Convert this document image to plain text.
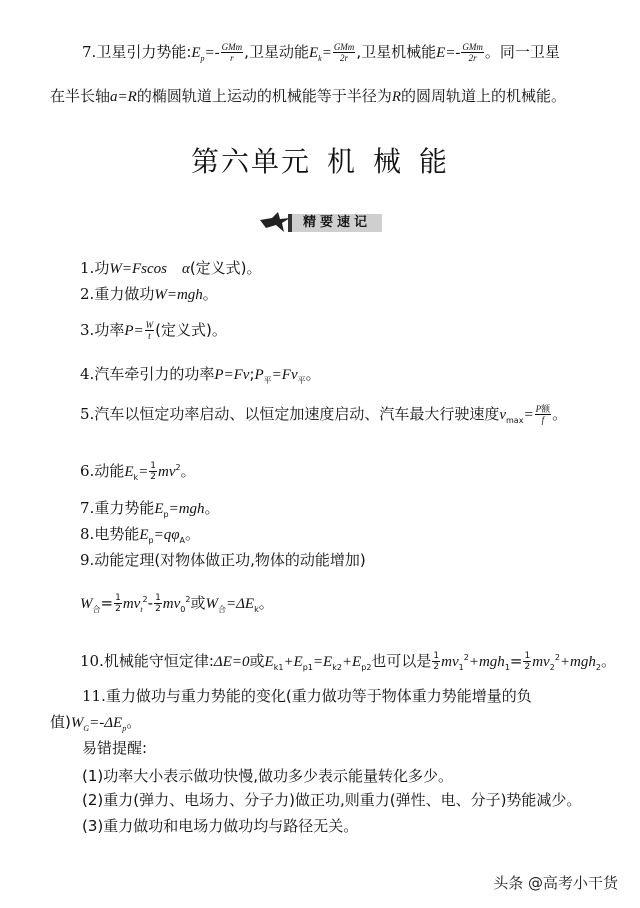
7.卫星引力势能$:E_p=- \frac{\text{GMm}}{r}$ ,卫星动能$E_k= \frac{\text{GMm}}{2r}$ ,卫星机械能$E=- \frac{\text{GMm}}{2r}$ 。同一卫星
在半长轴a=R的椭圆轨道上运动的机械能等于半径为R的圆周轨道上的机械能。
第六单元 机 械 能
精要速记
1.功W=Fscos　α(定义式)。
2.重力做功W=mgh。
3.功率$P= \frac{W}{t}$ (定义式)。
4.汽车牵引力的功率$P=Fv;P_平=Fv_平$。
5.汽车以恒定功率启动、以恒定加速度启动、汽车最大行驶速度$v_{max}= \frac{\text{P额}}{f}$ 。
6.动能$E_k= \frac{1}{2} mv^2$。
7.重力势能$E_p=mgh$。
8.电势能$E_p=q\varphi_A$。
9.动能定理(对物体做正功,物体的动能增加)
$W_合= \frac{1}{2} mv_t^2- \frac{1}{2} mv_0^2$或$W_合=\Delta E_k$。
10.机械能守恒定律:ΔE=0或$E_{k1}+E_{p1}=E_{k2}+E_{p2}$也可以是 $\frac{1}{2} mv_1^2+mgh_1= \frac{1}{2} mv_2^2+mgh_2$。
11.重力做功与重力势能的变化(重力做功等于物体重力势能增量的负
值)$W_G=-\Delta E_p$。
易错提醒:
(1)功率大小表示做功快慢,做功多少表示能量转化多少。
(2)重力(弹力、电场力、分子力)做正功,则重力(弹性、电、分子)势能减少。
(3)重力做功和电场力做功均与路径无关。
头条 @高考小干货
